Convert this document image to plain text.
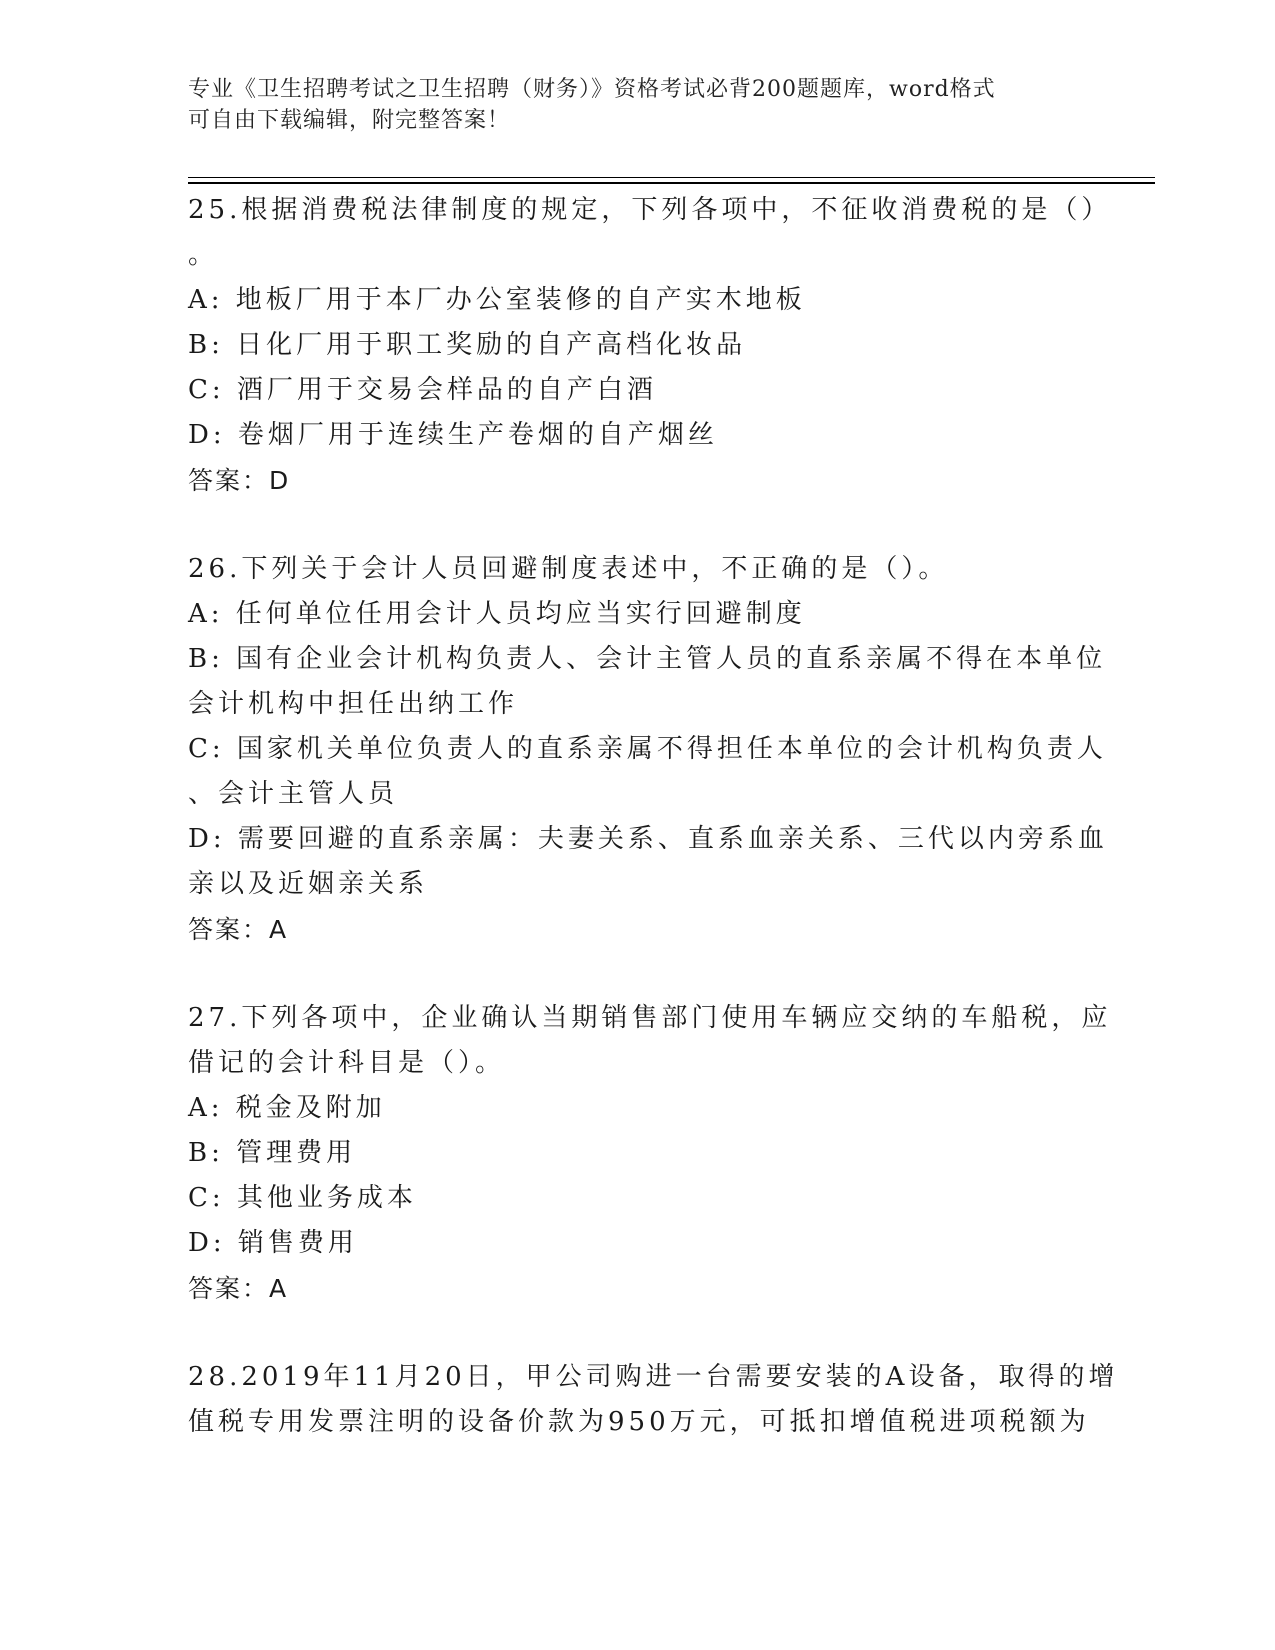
专业《卫生招聘考试之卫生招聘（财务）》资格考试必背200题题库，word格式
可自由下载编辑，附完整答案！
25.根据消费税法律制度的规定，下列各项中，不征收消费税的是（）
。
A: 地板厂用于本厂办公室装修的自产实木地板
B: 日化厂用于职工奖励的自产高档化妆品
C: 酒厂用于交易会样品的自产白酒
D: 卷烟厂用于连续生产卷烟的自产烟丝
答案：D
26.下列关于会计人员回避制度表述中，不正确的是（）。
A: 任何单位任用会计人员均应当实行回避制度
B: 国有企业会计机构负责人、会计主管人员的直系亲属不得在本单位
会计机构中担任出纳工作
C: 国家机关单位负责人的直系亲属不得担任本单位的会计机构负责人
、会计主管人员
D: 需要回避的直系亲属：夫妻关系、直系血亲关系、三代以内旁系血
亲以及近姻亲关系
答案：A
27.下列各项中，企业确认当期销售部门使用车辆应交纳的车船税，应
借记的会计科目是（）。
A: 税金及附加
B: 管理费用
C: 其他业务成本
D: 销售费用
答案：A
28.2019年11月20日，甲公司购进一台需要安装的A设备，取得的增
值税专用发票注明的设备价款为950万元，可抵扣增值税进项税额为
